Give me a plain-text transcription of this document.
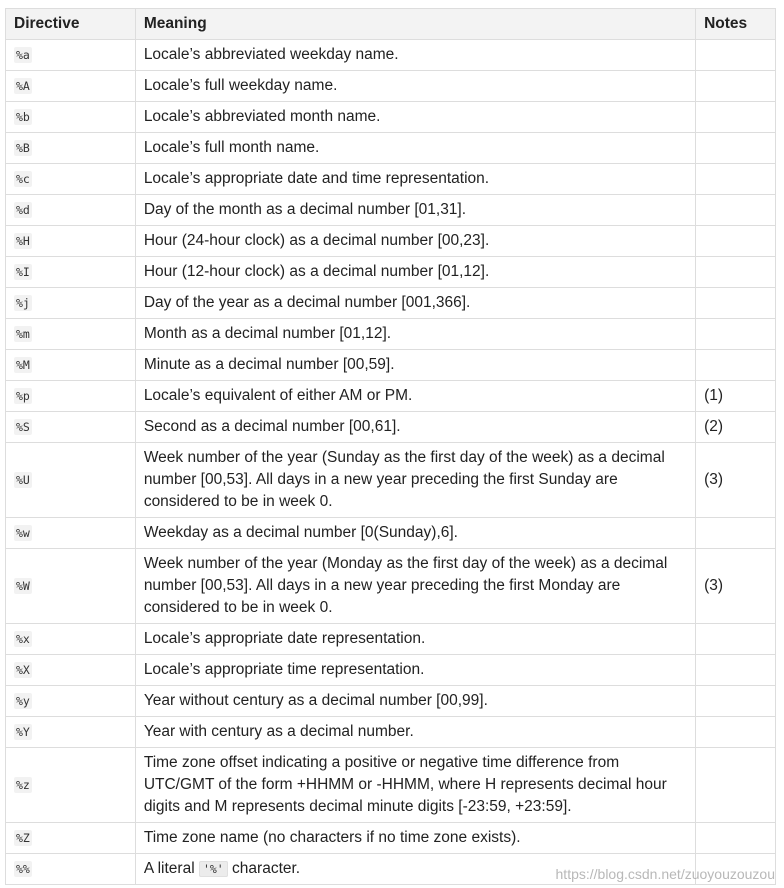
Directive	Meaning	Notes
%a	Locale’s abbreviated weekday name.	
%A	Locale’s full weekday name.	
%b	Locale’s abbreviated month name.	
%B	Locale’s full month name.	
%c	Locale’s appropriate date and time representation.	
%d	Day of the month as a decimal number [01,31].	
%H	Hour (24-hour clock) as a decimal number [00,23].	
%I	Hour (12-hour clock) as a decimal number [01,12].	
%j	Day of the year as a decimal number [001,366].	
%m	Month as a decimal number [01,12].	
%M	Minute as a decimal number [00,59].	
%p	Locale’s equivalent of either AM or PM.	(1)
%S	Second as a decimal number [00,61].	(2)
%U	Week number of the year (Sunday as the first day of the week) as a decimal number [00,53]. All days in a new year preceding the first Sunday are considered to be in week 0.	(3)
%w	Weekday as a decimal number [0(Sunday),6].	
%W	Week number of the year (Monday as the first day of the week) as a decimal number [00,53]. All days in a new year preceding the first Monday are considered to be in week 0.	(3)
%x	Locale’s appropriate date representation.	
%X	Locale’s appropriate time representation.	
%y	Year without century as a decimal number [00,99].	
%Y	Year with century as a decimal number.	
%z	Time zone offset indicating a positive or negative time difference from UTC/GMT of the form +HHMM or -HHMM, where H represents decimal hour digits and M represents decimal minute digits [-23:59, +23:59].	
%Z	Time zone name (no characters if no time zone exists).	
%%	A literal '%' character.		https://blog.csdn.net/zuoyouzouzou
